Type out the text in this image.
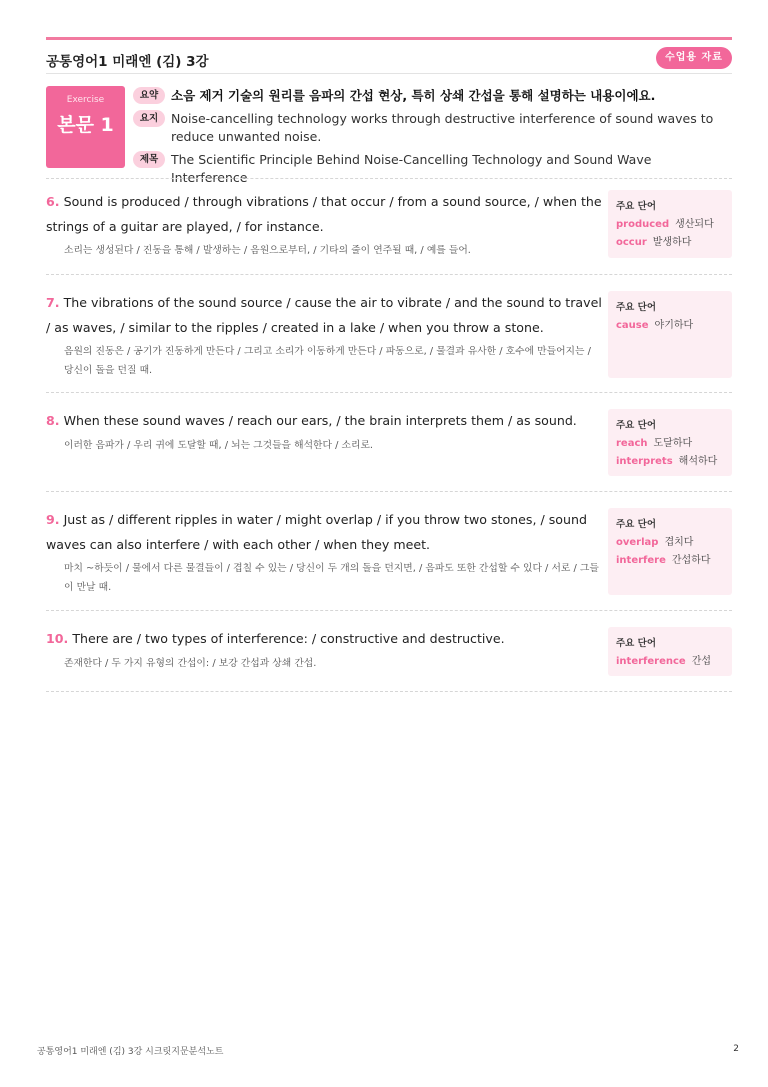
공통영어1 미래엔 (김) 3강	수업용 자료
Exercise
본문 1
요약	소음 제거 기술의 원리를 음파의 간섭 현상, 특히 상쇄 간섭을 통해 설명하는 내용이에요.
요지	Noise-cancelling technology works through destructive interference of sound waves to reduce unwanted noise.
제목	The Scientific Principle Behind Noise-Cancelling Technology and Sound Wave Interference
6. Sound is produced / through vibrations / that occur / from a sound source, / when the strings of a guitar are played, / for instance.
소리는 생성된다 / 진동을 통해 / 발생하는 / 음원으로부터, / 기타의 줄이 연주될 때, / 예를 들어.
주요 단어
produced 생산되다
occur 발생하다
7. The vibrations of the sound source / cause the air to vibrate / and the sound to travel / as waves, / similar to the ripples / created in a lake / when you throw a stone.
음원의 진동은 / 공기가 진동하게 만든다 / 그리고 소리가 이동하게 만든다 / 파동으로, / 물결과 유사한 / 호수에 만들어지는 / 당신이 돌을 던질 때.
주요 단어
cause 야기하다
8. When these sound waves / reach our ears, / the brain interprets them / as sound.
이러한 음파가 / 우리 귀에 도달할 때, / 뇌는 그것들을 해석한다 / 소리로.
주요 단어
reach 도달하다
interprets 해석하다
9. Just as / different ripples in water / might overlap / if you throw two stones, / sound waves can also interfere / with each other / when they meet.
마치 ~하듯이 / 물에서 다른 물결들이 / 겹칠 수 있는 / 당신이 두 개의 돌을 던지면, / 음파도 또한 간섭할 수 있다 / 서로 / 그들이 만날 때.
주요 단어
overlap 겹치다
interfere 간섭하다
10. There are / two types of interference: / constructive and destructive.
존재한다 / 두 가지 유형의 간섭이: / 보강 간섭과 상쇄 간섭.
주요 단어
interference 간섭
공통영어1 미래엔 (김) 3강 시크릿지문분석노트	2
